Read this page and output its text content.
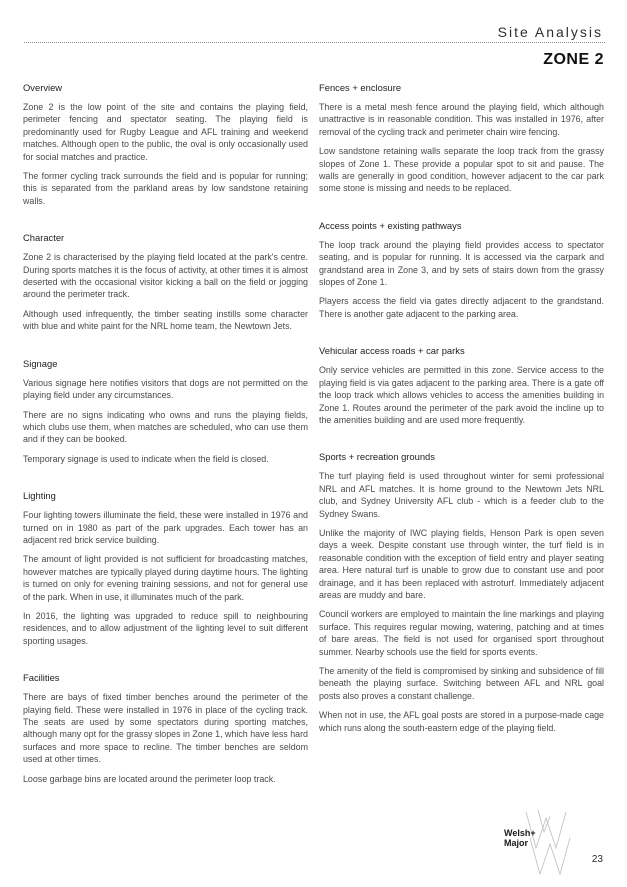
Site Analysis
ZONE 2
Overview

Zone 2 is the low point of the site and contains the playing field, perimeter fencing and spectator seating. The playing field is predominantly used for Rugby League and AFL training and weekend matches. Although open to the public, the oval is only occasionally used for social matches and practice.

The former cycling track surrounds the field and is popular for running; this is separated from the parkland areas by low sandstone retaining walls.

Character

Zone 2 is characterised by the playing field located at the park's centre. During sports matches it is the focus of activity, at other times it is almost deserted with the occasional visitor kicking a ball on the field or jogging around the perimeter track.

Although used infrequently, the timber seating instills some character with blue and white paint for the NRL home team, the Newtown Jets.

Signage

Various signage here notifies visitors that dogs are not permitted on the playing field under any circumstances.

There are no signs indicating who owns and runs the playing fields, which clubs use them, when matches are scheduled, who can use them and if they can be booked.

Temporary signage is used to indicate when the field is closed.

Lighting

Four lighting towers illuminate the field, these were installed in 1976 and turned on in 1980 as part of the park upgrades. Each tower has an adjacent red brick service building.

The amount of light provided is not sufficient for broadcasting matches, however matches are typically played during daytime hours. The lighting is turned on only for evening training sessions, and not for general use of the park. When in use, it illuminates much of the park.

In 2016, the lighting was upgraded to reduce spill to neighbouring residences, and to allow adjustment of the lighting level to suit different sporting usages.

Facilities

There are bays of fixed timber benches around the perimeter of the playing field. These were installed in 1976 in place of the cycling track. The seats are used by some spectators during sporting matches, although many opt for the grassy slopes in Zone 1, which have less hard surfaces and more space to recline. The timber benches are seldom used at other times.

Loose garbage bins are located around the perimeter loop track.

Fences + enclosure

There is a metal mesh fence around the playing field, which although unattractive is in reasonable condition. This was installed in 1976, after removal of the cycling track and perimeter chain wire fencing.

Low sandstone retaining walls separate the loop track from the grassy slopes of Zone 1. These provide a popular spot to sit and pause. The walls are generally in good condition, however adjacent to the car park some stone is missing and needs to be replaced.

Access points + existing pathways

The loop track around the playing field provides access to spectator seating, and is popular for running. It is accessed via the carpark and grandstand area in Zone 3, and by sets of stairs down from the grassy slopes of Zone 1.

Players access the field via gates directly adjacent to the grandstand. There is another gate adjacent to the parking area.

Vehicular access roads + car parks

Only service vehicles are permitted in this zone. Service access to the playing field is via gates adjacent to the parking area. There is a gate off the loop track which allows vehicles to access the amenities building in Zone 1. Routes around the perimeter of the park avoid the incline up to the amenities building and are used more frequently.

Sports + recreation grounds

The turf playing field is used throughout winter for semi professional NRL and AFL matches. It is home ground to the Newtown Jets NRL club, and Sydney University AFL club - which is a feeder club to the Sydney Swans.

Unlike the majority of IWC playing fields, Henson Park is open seven days a week. Despite constant use through winter, the turf field is in reasonable condition with the exception of field entry and player seating area. Here natural turf is unable to grow due to constant use and poor drainage, and it has been replaced with astroturf. Immediately adjacent areas are muddy and bare.

Council workers are employed to maintain the line markings and playing surface. This requires regular mowing, watering, patching and at times of bare areas. The field is not used for organised sport throughout summer. Nearby schools use the field for sports events.

The amenity of the field is compromised by sinking and subsidence of fill beneath the playing surface. Switching between AFL and NRL goal posts also proves a constant challenge.

When not in use, the AFL goal posts are stored in a purpose-made cage which runs along the south-eastern edge of the playing field.

Welsh+
Major
23
